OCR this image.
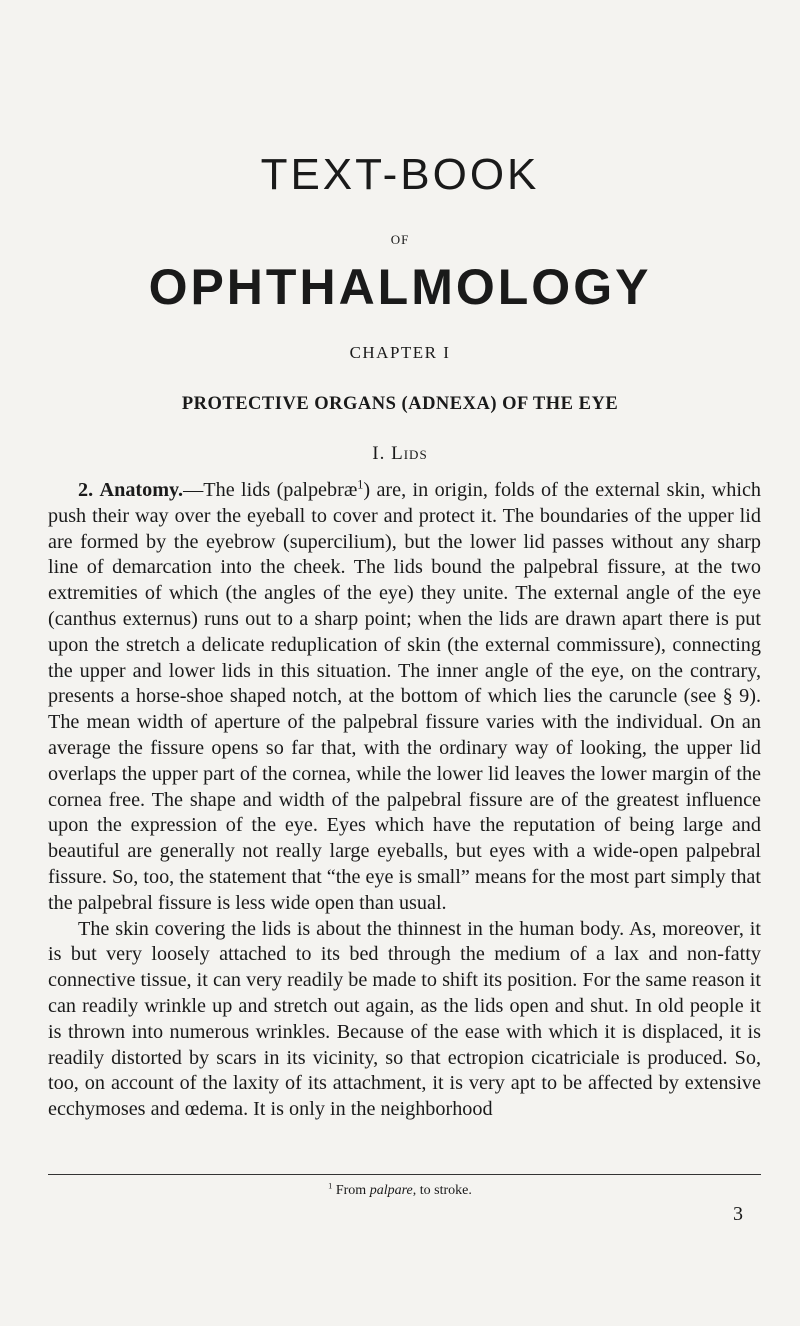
TEXT-BOOK
OF
OPHTHALMOLOGY
CHAPTER I
PROTECTIVE ORGANS (ADNEXA) OF THE EYE
I. Lids

2. Anatomy.—The lids (palpebræ$^1$) are, in origin, folds of the external skin, which push their way over the eyeball to cover and protect it. The boundaries of the upper lid are formed by the eyebrow (supercilium), but the lower lid passes without any sharp line of demarcation into the cheek. The lids bound the palpebral fissure, at the two extremities of which (the angles of the eye) they unite. The external angle of the eye (canthus externus) runs out to a sharp point; when the lids are drawn apart there is put upon the stretch a delicate reduplication of skin (the external commissure), connecting the upper and lower lids in this situation. The inner angle of the eye, on the contrary, presents a horse-shoe shaped notch, at the bottom of which lies the caruncle (see § 9). The mean width of aperture of the palpebral fissure varies with the individual. On an average the fissure opens so far that, with the ordinary way of looking, the upper lid overlaps the upper part of the cornea, while the lower lid leaves the lower margin of the cornea free. The shape and width of the palpebral fissure are of the greatest influence upon the expression of the eye. Eyes which have the reputation of being large and beautiful are generally not really large eyeballs, but eyes with a wide-open palpebral fissure. So, too, the statement that “the eye is small” means for the most part simply that the palpebral fissure is less wide open than usual.

The skin covering the lids is about the thinnest in the human body. As, moreover, it is but very loosely attached to its bed through the medium of a lax and non-fatty connective tissue, it can very readily be made to shift its position. For the same reason it can readily wrinkle up and stretch out again, as the lids open and shut. In old people it is thrown into numerous wrinkles. Because of the ease with which it is displaced, it is readily distorted by scars in its vicinity, so that ectropion cicatriciale is produced. So, too, on account of the laxity of its attachment, it is very apt to be affected by extensive ecchymoses and œdema. It is only in the neighborhood

$^1$ From palpare, to stroke.
3
